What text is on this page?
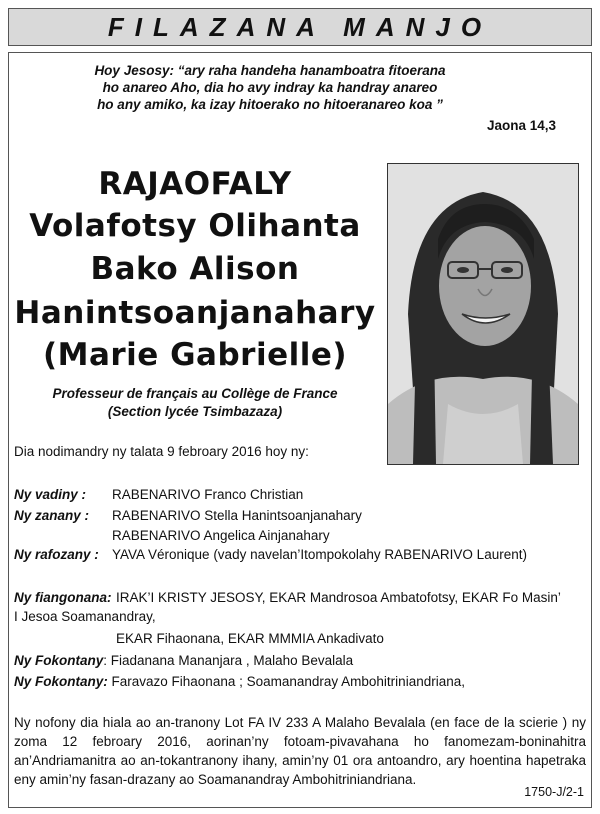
FILAZANA MANJO
Hoy Jesosy: “ary raha handeha hanamboatra fitoerana
ho anareo Aho, dia ho avy indray ka handray anareo
ho any amiko, ka izay hitoerako no hitoeranareo koa ”
Jaona 14,3
RAJAOFALY
Volafotsy Olihanta
Bako Alison
Hanintsoanjanahary
(Marie Gabrielle)
Professeur de français au Collège de France
(Section lycée Tsimbazaza)
Dia nodimandry ny talata 9 febroary 2016 hoy ny:
Ny vadiny : RABENARIVO Franco Christian
Ny zanany : RABENARIVO Stella Hanintsoanjanahary
RABENARIVO Angelica Ainjanahary
Ny rafozany : YAVA Véronique (vady navelan’Itompokolahy RABENARIVO Laurent)
Ny fiangonana: IRAK’I KRISTY JESOSY, EKAR Mandrosoa Ambatofotsy, EKAR Fo Masin’
I Jesoa Soamanandray,
EKAR Fihaonana, EKAR MMMIA Ankadivato
Ny Fokontany: Fiadanana Mananjara , Malaho Bevalala
Ny Fokontany: Faravazo Fihaonana ; Soamanandray Ambohitriniandriana,
Ny nofony dia hiala ao an-tranony Lot FA IV 233 A Malaho Bevalala (en face de la scierie ) ny zoma 12 febroary 2016, aorinan’ny fotoam-pivavahana ho fanomezam-boninahitra an’Andriamanitra ao an-tokantranony ihany, amin’ny 01 ora antoandro, ary hoentina hapetraka eny amin’ny fasan-drazany ao Soamanandray Ambohitriniandriana.
1750-J/2-1
